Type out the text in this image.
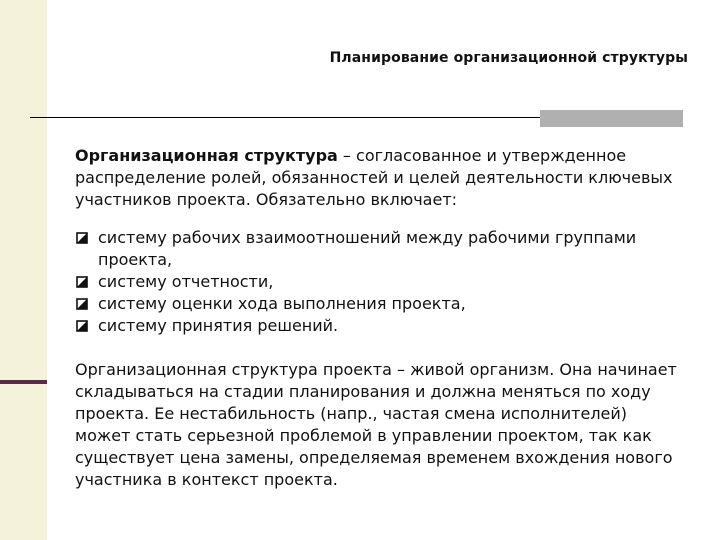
Планирование организационной структуры

Организационная структура – согласованное и утвержденное распределение ролей, обязанностей и целей деятельности ключевых участников проекта. Обязательно включает:

системy рабочих взаимоотношений между рабочими группами проекта,
систему отчетности,
систему оценки хода выполнения проекта,
систему принятия решений.

Организационная структура проекта – живой организм. Она начинает складываться на стадии планирования и должна меняться по ходу проекта. Ее нестабильность (напр., частая смена исполнителей) может стать серьезной проблемой в управлении проектом, так как существует цена замены, определяемая временем вхождения нового участника в контекст проекта.
